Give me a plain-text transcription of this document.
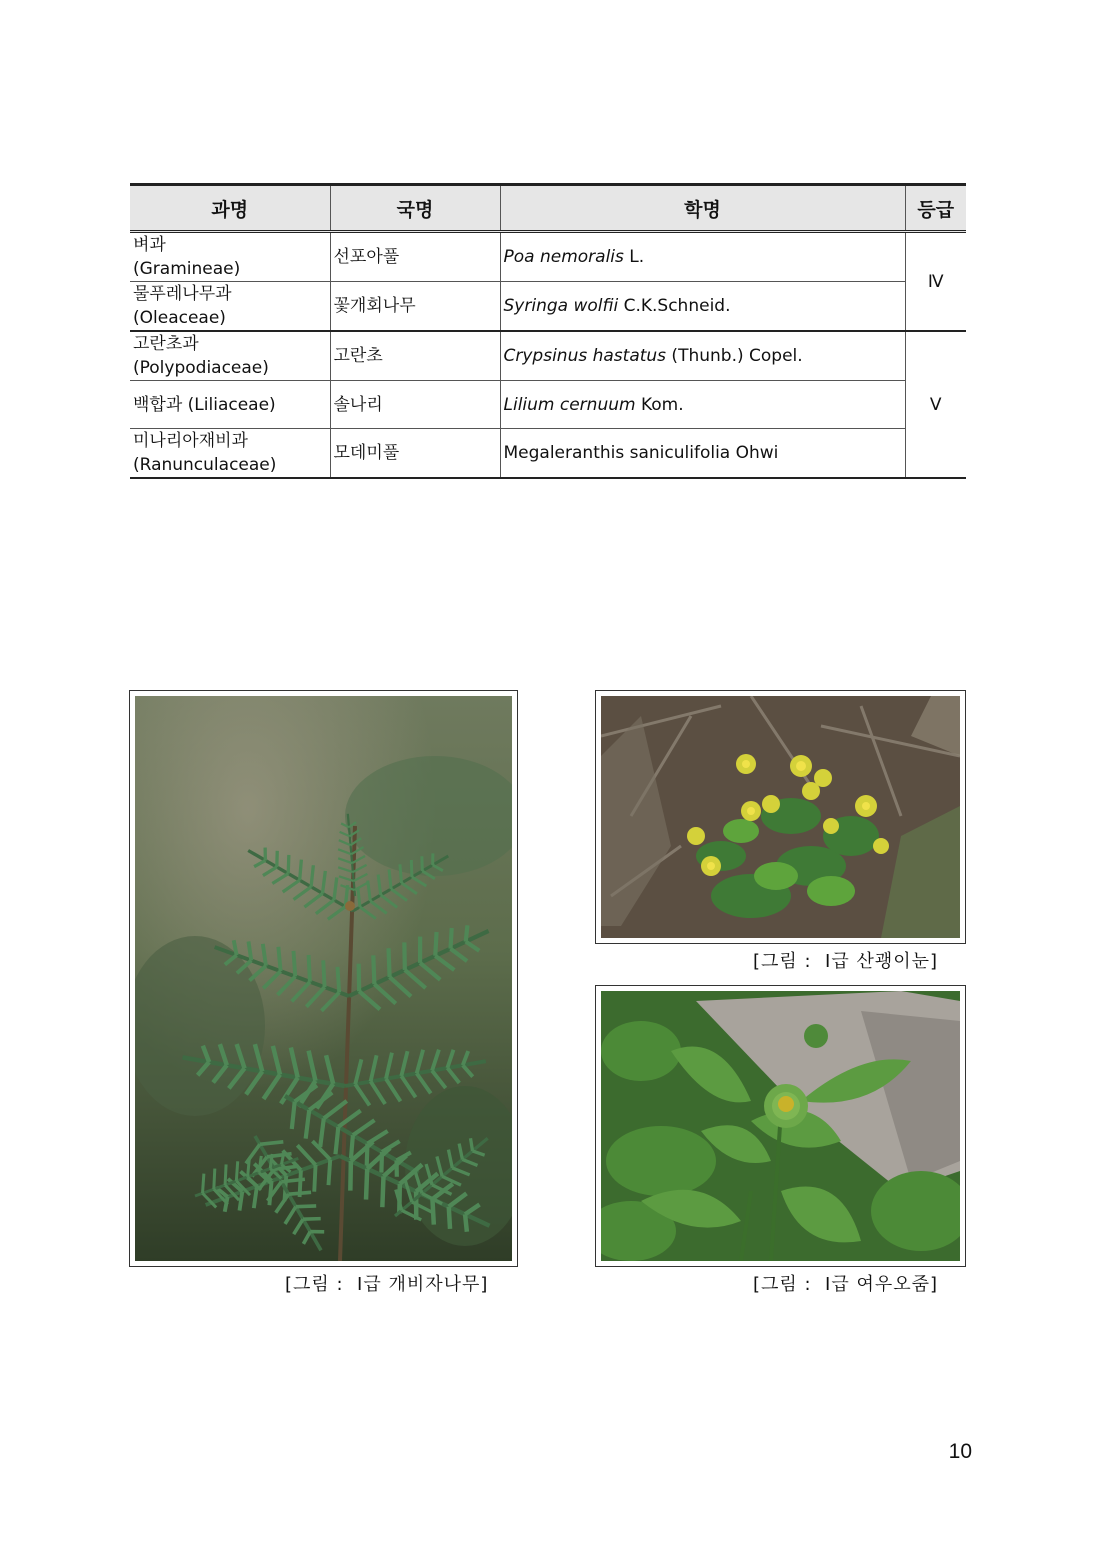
과명	국명	학명	등급

벼과
(Gramineae)	선포아풀	Poa nemoralis L.	Ⅳ

물푸레나무과
(Oleaceae)	꽃개회나무	Syringa wolfii C.K.Schneid.	

고란초과
(Polypodiaceae)	고란초	Crypsinus hastatus (Thunb.) Copel.	Ⅴ

백합과 (Liliaceae)	솔나리	Lilium cernuum Kom.	

미나리아재비과
(Ranunculaceae)	모데미풀	Megaleranthis saniculifolia Ohwi	
[그림 :  Ⅰ급 개비자나무]
[그림 :  Ⅰ급 산괭이눈]
[그림 :  Ⅰ급 여우오줌]
10
